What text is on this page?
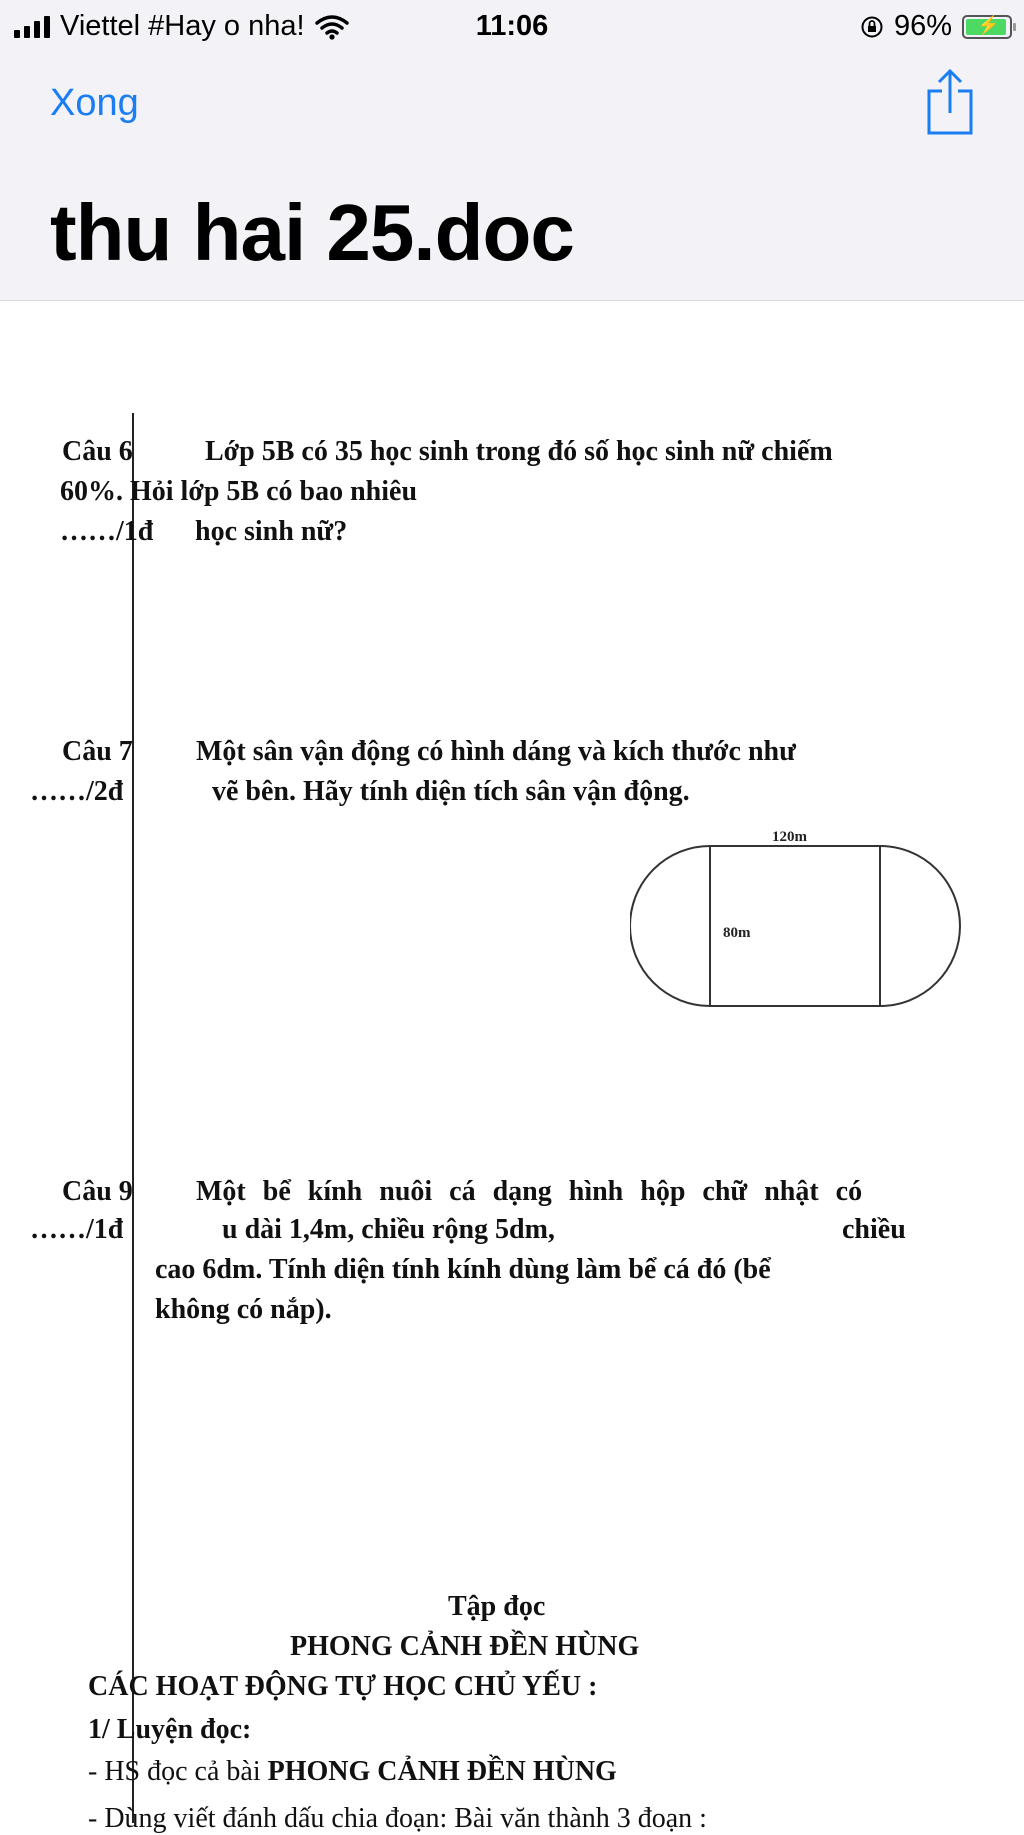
Viettel #Hay o nha!	11:06	96% ⚡
Xong
thu hai 25.doc
Câu 6	Lớp 5B có 35 học sinh trong đó số học sinh nữ chiếm
60%. Hỏi lớp 5B có bao nhiêu
……/1đ học sinh nữ?
Câu 7 Một sân vận động có hình dáng và kích thước như
……/2đ	vẽ bên. Hãy tính diện tích sân vận động.
120m
80m
Câu 9 Một bể kính nuôi cá dạng hình hộp chữ nhật có
……/1đ	u dài 1,4m, chiều rộng 5dm,	chiều
cao 6dm. Tính diện tính kính dùng làm bể cá đó (bể
không có nắp).
Tập đọc
PHONG CẢNH ĐỀN HÙNG
CÁC HOẠT ĐỘNG TỰ HỌC CHỦ YẾU :
1/ Luyện đọc:
- HS đọc cả bài PHONG CẢNH ĐỀN HÙNG
- Dùng viết đánh dấu chia đoạn: Bài văn thành 3 đoạn :
